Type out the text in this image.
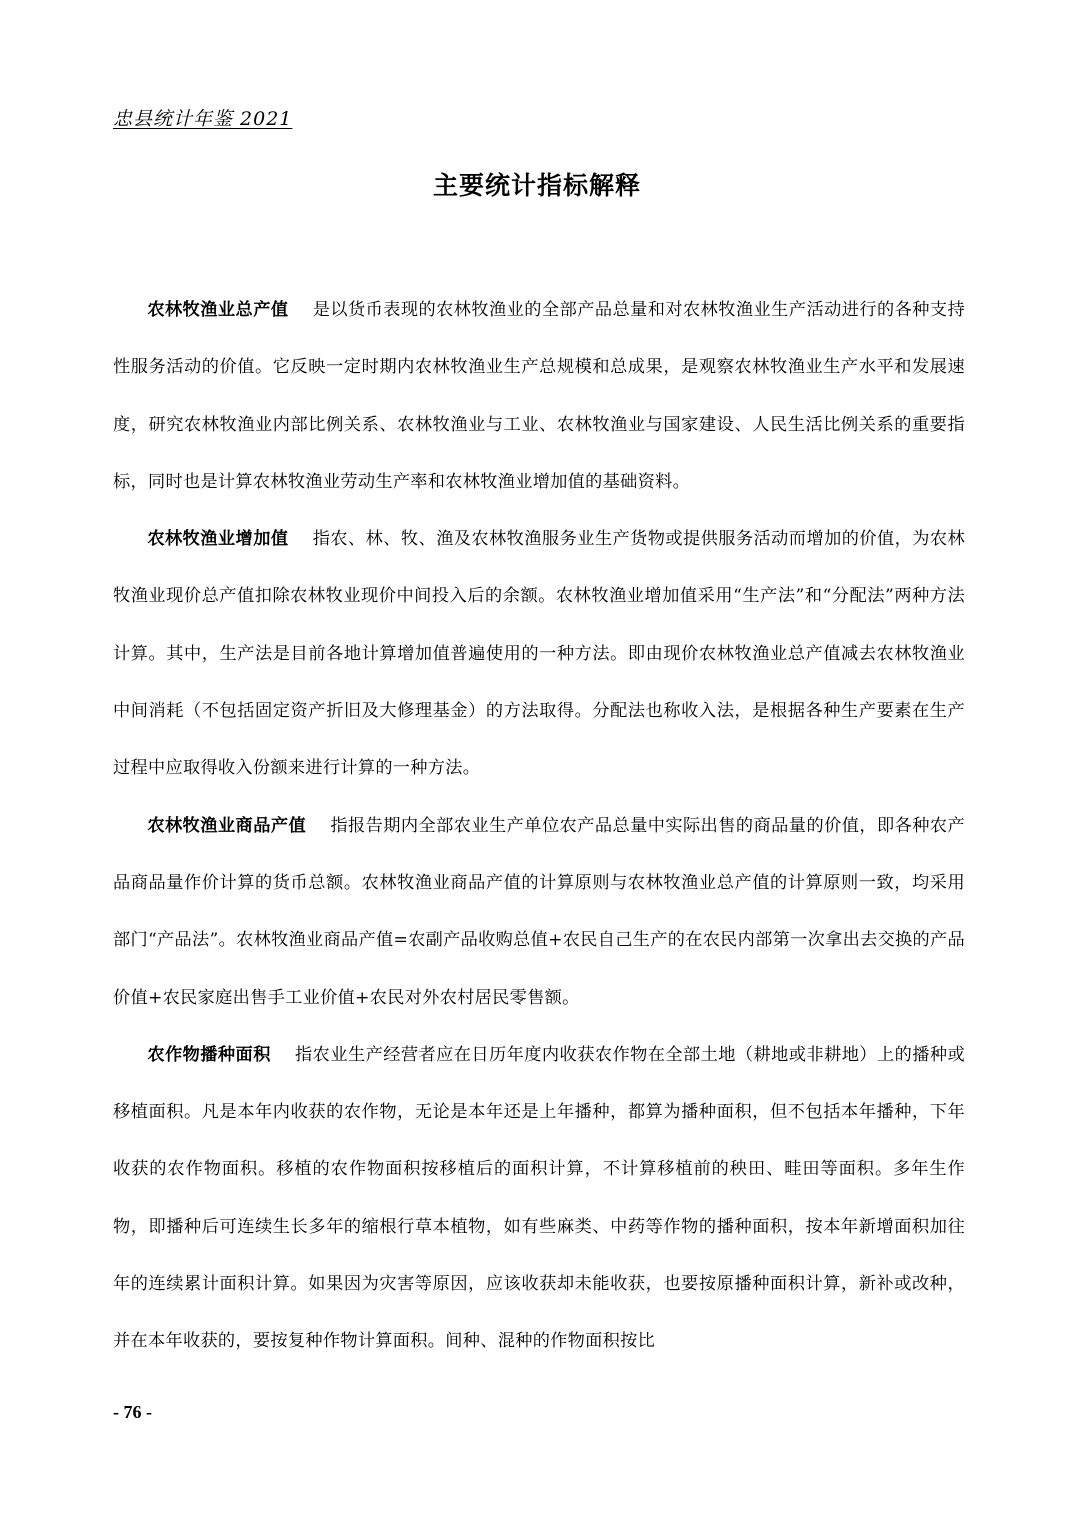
忠县统计年鉴 2021
主要统计指标解释

农林牧渔业总产值 是以货币表现的农林牧渔业的全部产品总量和对农林牧渔业生产活动进行的各种支持性服务活动的价值。它反映一定时期内农林牧渔业生产总规模和总成果，是观察农林牧渔业生产水平和发展速度，研究农林牧渔业内部比例关系、农林牧渔业与工业、农林牧渔业与国家建设、人民生活比例关系的重要指标，同时也是计算农林牧渔业劳动生产率和农林牧渔业增加值的基础资料。

农林牧渔业增加值 指农、林、牧、渔及农林牧渔服务业生产货物或提供服务活动而增加的价值，为农林牧渔业现价总产值扣除农林牧业现价中间投入后的余额。农林牧渔业增加值采用“生产法”和“分配法”两种方法计算。其中，生产法是目前各地计算增加值普遍使用的一种方法。即由现价农林牧渔业总产值减去农林牧渔业中间消耗（不包括固定资产折旧及大修理基金）的方法取得。分配法也称收入法，是根据各种生产要素在生产过程中应取得收入份额来进行计算的一种方法。

农林牧渔业商品产值 指报告期内全部农业生产单位农产品总量中实际出售的商品量的价值，即各种农产品商品量作价计算的货币总额。农林牧渔业商品产值的计算原则与农林牧渔业总产值的计算原则一致，均采用部门“产品法”。农林牧渔业商品产值=农副产品收购总值+农民自己生产的在农民内部第一次拿出去交换的产品价值+农民家庭出售手工业价值+农民对外农村居民零售额。

农作物播种面积 指农业生产经营者应在日历年度内收获农作物在全部土地（耕地或非耕地）上的播种或移植面积。凡是本年内收获的农作物，无论是本年还是上年播种，都算为播种面积，但不包括本年播种，下年收获的农作物面积。移植的农作物面积按移植后的面积计算，不计算移植前的秧田、畦田等面积。多年生作物，即播种后可连续生长多年的缩根行草本植物，如有些麻类、中药等作物的播种面积，按本年新增面积加往年的连续累计面积计算。如果因为灾害等原因，应该收获却未能收获，也要按原播种面积计算，新补或改种，并在本年收获的，要按复种作物计算面积。间种、混种的作物面积按比

- 76 -
